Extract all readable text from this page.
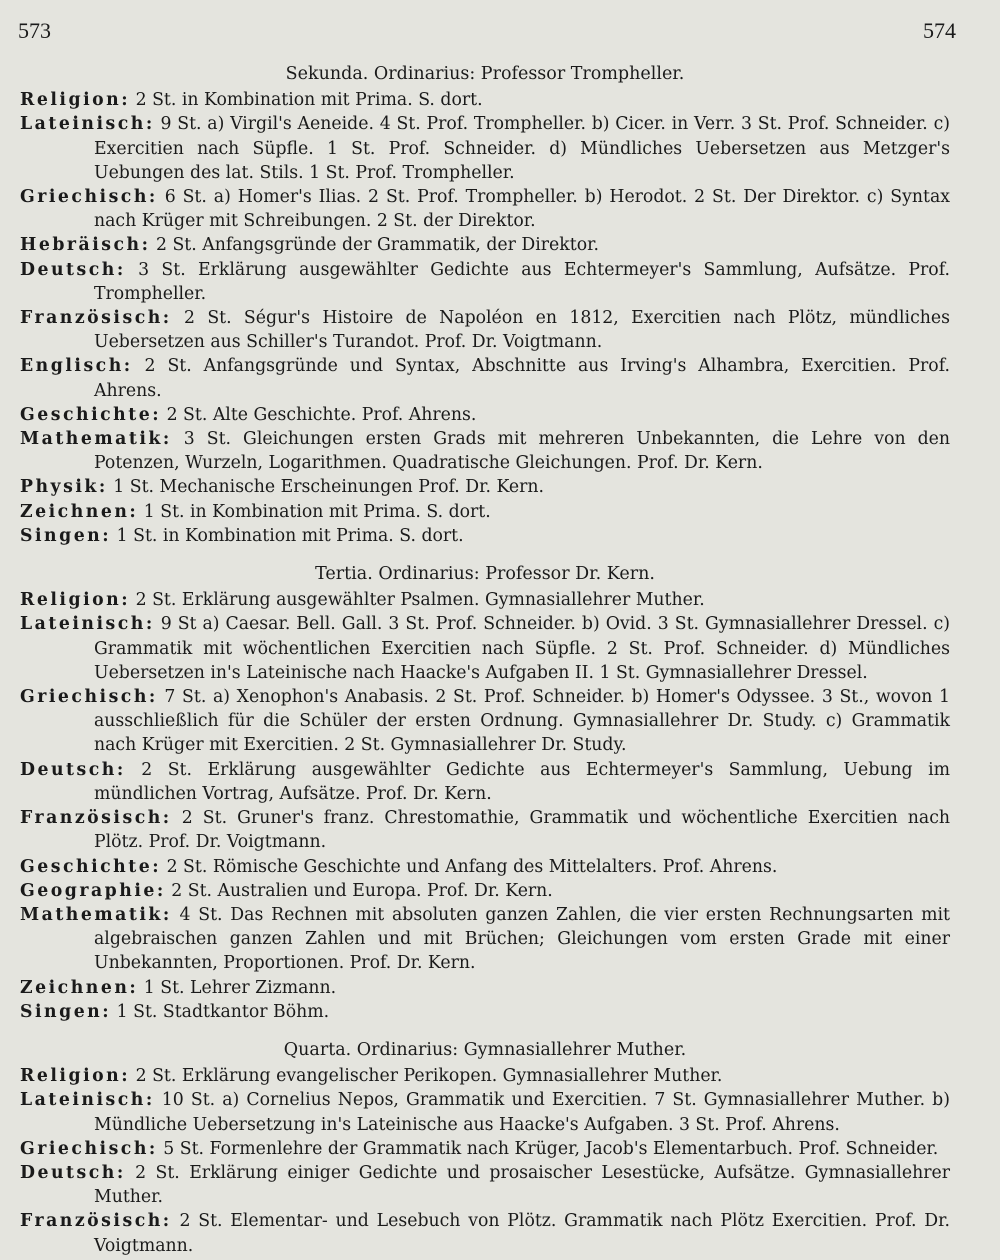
573	574
Sekunda. Ordinarius: Professor Trompheller.

Religion: 2 St. in Kombination mit Prima. S. dort.

Lateinisch: 9 St. a) Virgil's Aeneide. 4 St. Prof. Trompheller. b) Cicer. in Verr. 3 St. Prof. Schneider. c) Exercitien nach Süpfle. 1 St. Prof. Schneider. d) Mündliches Uebersetzen aus Metzger's Uebungen des lat. Stils. 1 St. Prof. Trompheller.

Griechisch: 6 St. a) Homer's Ilias. 2 St. Prof. Trompheller. b) Herodot. 2 St. Der Direktor. c) Syntax nach Krüger mit Schreibungen. 2 St. der Direktor.

Hebräisch: 2 St. Anfangsgründe der Grammatik, der Direktor.

Deutsch: 3 St. Erklärung ausgewählter Gedichte aus Echtermeyer's Sammlung, Aufsätze. Prof. Trompheller.

Französisch: 2 St. Ségur's Histoire de Napoléon en 1812, Exercitien nach Plötz, mündliches Uebersetzen aus Schiller's Turandot. Prof. Dr. Voigtmann.

Englisch: 2 St. Anfangsgründe und Syntax, Abschnitte aus Irving's Alhambra, Exercitien. Prof. Ahrens.

Geschichte: 2 St. Alte Geschichte. Prof. Ahrens.

Mathematik: 3 St. Gleichungen ersten Grads mit mehreren Unbekannten, die Lehre von den Potenzen, Wurzeln, Logarithmen. Quadratische Gleichungen. Prof. Dr. Kern.

Physik: 1 St. Mechanische Erscheinungen Prof. Dr. Kern.

Zeichnen: 1 St. in Kombination mit Prima. S. dort.

Singen: 1 St. in Kombination mit Prima. S. dort.

Tertia. Ordinarius: Professor Dr. Kern.

Religion: 2 St. Erklärung ausgewählter Psalmen. Gymnasiallehrer Muther.

Lateinisch: 9 St a) Caesar. Bell. Gall. 3 St. Prof. Schneider. b) Ovid. 3 St. Gymnasiallehrer Dressel. c) Grammatik mit wöchentlichen Exercitien nach Süpfle. 2 St. Prof. Schneider. d) Mündliches Uebersetzen in's Lateinische nach Haacke's Aufgaben II. 1 St. Gymnasiallehrer Dressel.

Griechisch: 7 St. a) Xenophon's Anabasis. 2 St. Prof. Schneider. b) Homer's Odyssee. 3 St., wovon 1 ausschließlich für die Schüler der ersten Ordnung. Gymnasiallehrer Dr. Study. c) Grammatik nach Krüger mit Exercitien. 2 St. Gymnasiallehrer Dr. Study.

Deutsch: 2 St. Erklärung ausgewählter Gedichte aus Echtermeyer's Sammlung, Uebung im mündlichen Vortrag, Aufsätze. Prof. Dr. Kern.

Französisch: 2 St. Gruner's franz. Chrestomathie, Grammatik und wöchentliche Exercitien nach Plötz. Prof. Dr. Voigtmann.

Geschichte: 2 St. Römische Geschichte und Anfang des Mittelalters. Prof. Ahrens.

Geographie: 2 St. Australien und Europa. Prof. Dr. Kern.

Mathematik: 4 St. Das Rechnen mit absoluten ganzen Zahlen, die vier ersten Rechnungsarten mit algebraischen ganzen Zahlen und mit Brüchen; Gleichungen vom ersten Grade mit einer Unbekannten, Proportionen. Prof. Dr. Kern.

Zeichnen: 1 St. Lehrer Zizmann.

Singen: 1 St. Stadtkantor Böhm.

Quarta. Ordinarius: Gymnasiallehrer Muther.

Religion: 2 St. Erklärung evangelischer Perikopen. Gymnasiallehrer Muther.

Lateinisch: 10 St. a) Cornelius Nepos, Grammatik und Exercitien. 7 St. Gymnasiallehrer Muther. b) Mündliche Uebersetzung in's Lateinische aus Haacke's Aufgaben. 3 St. Prof. Ahrens.

Griechisch: 5 St. Formenlehre der Grammatik nach Krüger, Jacob's Elementarbuch. Prof. Schneider.

Deutsch: 2 St. Erklärung einiger Gedichte und prosaischer Lesestücke, Aufsätze. Gymnasiallehrer Muther.

Französisch: 2 St. Elementar- und Lesebuch von Plötz. Grammatik nach Plötz Exercitien. Prof. Dr. Voigtmann.
